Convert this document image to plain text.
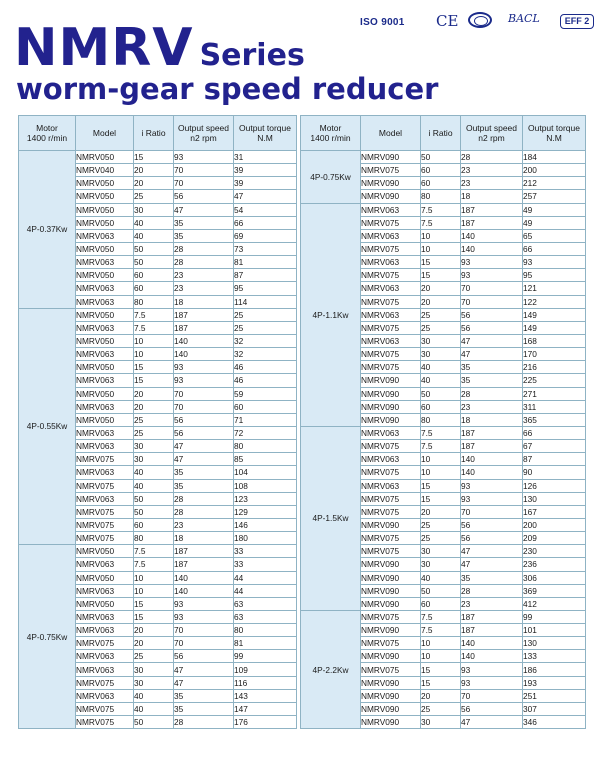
ISO 9001 CE	BACL	EFF 2
NMRV Series
worm-gear speed reducer
Motor
1400 r/min	Model	i Ratio	Output speed
n2 rpm	Output torque
N.M
4P-0.37Kw	NMRV050	15	93	31
	NMRV040	20	70	39
	NMRV050	20	70	39
	NMRV050	25	56	47
	NMRV050	30	47	54
	NMRV050	40	35	66
	NMRV063	40	35	69
	NMRV050	50	28	73
	NMRV063	50	28	81
	NMRV050	60	23	87
	NMRV063	60	23	95
	NMRV063	80	18	114
4P-0.55Kw	NMRV050	7.5	187	25
	NMRV063	7.5	187	25
	NMRV050	10	140	32
	NMRV063	10	140	32
	NMRV050	15	93	46
	NMRV063	15	93	46
	NMRV050	20	70	59
	NMRV063	20	70	60
	NMRV050	25	56	71
	NMRV063	25	56	72
	NMRV063	30	47	80
	NMRV075	30	47	85
	NMRV063	40	35	104
	NMRV075	40	35	108
	NMRV063	50	28	123
	NMRV075	50	28	129
	NMRV075	60	23	146
	NMRV075	80	18	180
4P-0.75Kw	NMRV050	7.5	187	33
	NMRV063	7.5	187	33
	NMRV050	10	140	44
	NMRV063	10	140	44
	NMRV050	15	93	63
	NMRV063	15	93	63
	NMRV063	20	70	80
	NMRV075	20	70	81
	NMRV063	25	56	99
	NMRV063	30	47	109
	NMRV075	30	47	116
	NMRV063	40	35	143
	NMRV075	40	35	147
	NMRV075	50	28	176
Motor
1400 r/min	Model	i Ratio	Output speed
n2 rpm	Output torque
N.M
4P-0.75Kw	NMRV090	50	28	184
	NMRV075	60	23	200
	NMRV090	60	23	212
	NMRV090	80	18	257
4P-1.1Kw	NMRV063	7.5	187	49
	NMRV075	7.5	187	49
	NMRV063	10	140	65
	NMRV075	10	140	66
	NMRV063	15	93	93
	NMRV075	15	93	95
	NMRV063	20	70	121
	NMRV075	20	70	122
	NMRV063	25	56	149
	NMRV075	25	56	149
	NMRV063	30	47	168
	NMRV075	30	47	170
	NMRV075	40	35	216
	NMRV090	40	35	225
	NMRV090	50	28	271
	NMRV090	60	23	311
	NMRV090	80	18	365
4P-1.5Kw	NMRV063	7.5	187	66
	NMRV075	7.5	187	67
	NMRV063	10	140	87
	NMRV075	10	140	90
	NMRV063	15	93	126
	NMRV075	15	93	130
	NMRV075	20	70	167
	NMRV090	25	56	200
	NMRV075	25	56	209
	NMRV075	30	47	230
	NMRV090	30	47	236
	NMRV090	40	35	306
	NMRV090	50	28	369
	NMRV090	60	23	412
4P-2.2Kw	NMRV075	7.5	187	99
	NMRV090	7.5	187	101
	NMRV075	10	140	130
	NMRV090	10	140	133
	NMRV075	15	93	186
	NMRV090	15	93	193
	NMRV090	20	70	251
	NMRV090	25	56	307
	NMRV090	30	47	346
